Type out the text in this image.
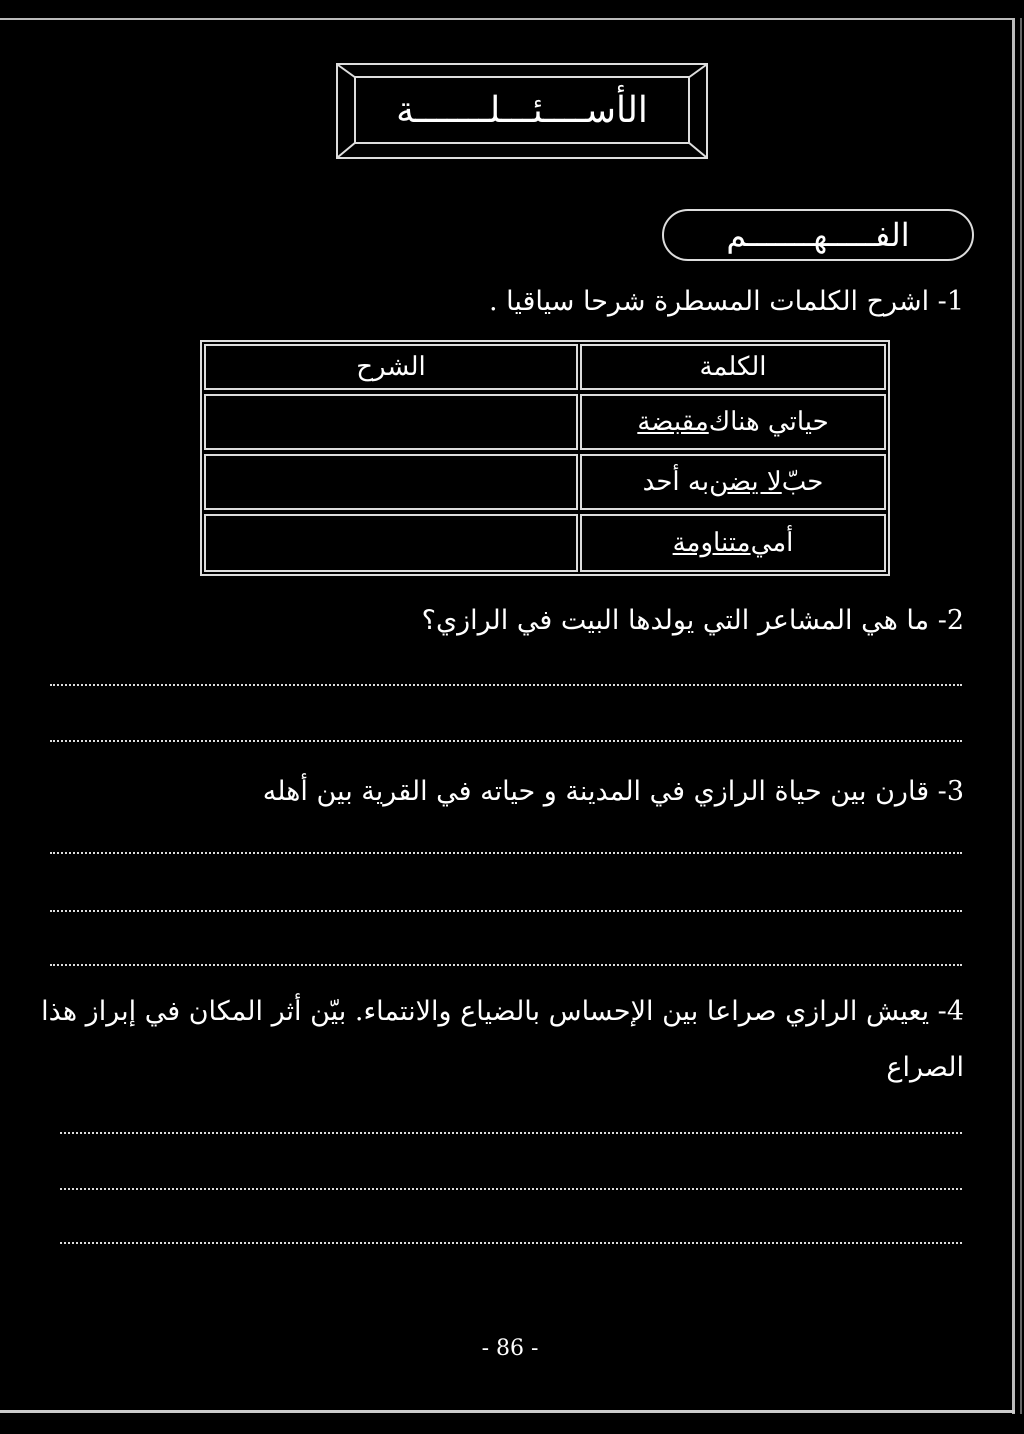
الأســــئـــلـــــــة
الفـــــهـــــــم
1- اشرح الكلمات المسطرة شرحا سياقيا .
الكلمة
الشرح
حياتي هناك
مقبضة
حبّ
لا يضن
به أحد
أمي
متناومة
2- ما هي المشاعر التي يولدها البيت في الرازي؟
3- قارن بين حياة الرازي في المدينة و حياته في القرية بين أهله
4- يعيش الرازي صراعا بين الإحساس بالضياع والانتماء. بيّن أثر المكان في إبراز هذا
الصراع
- 86 -
